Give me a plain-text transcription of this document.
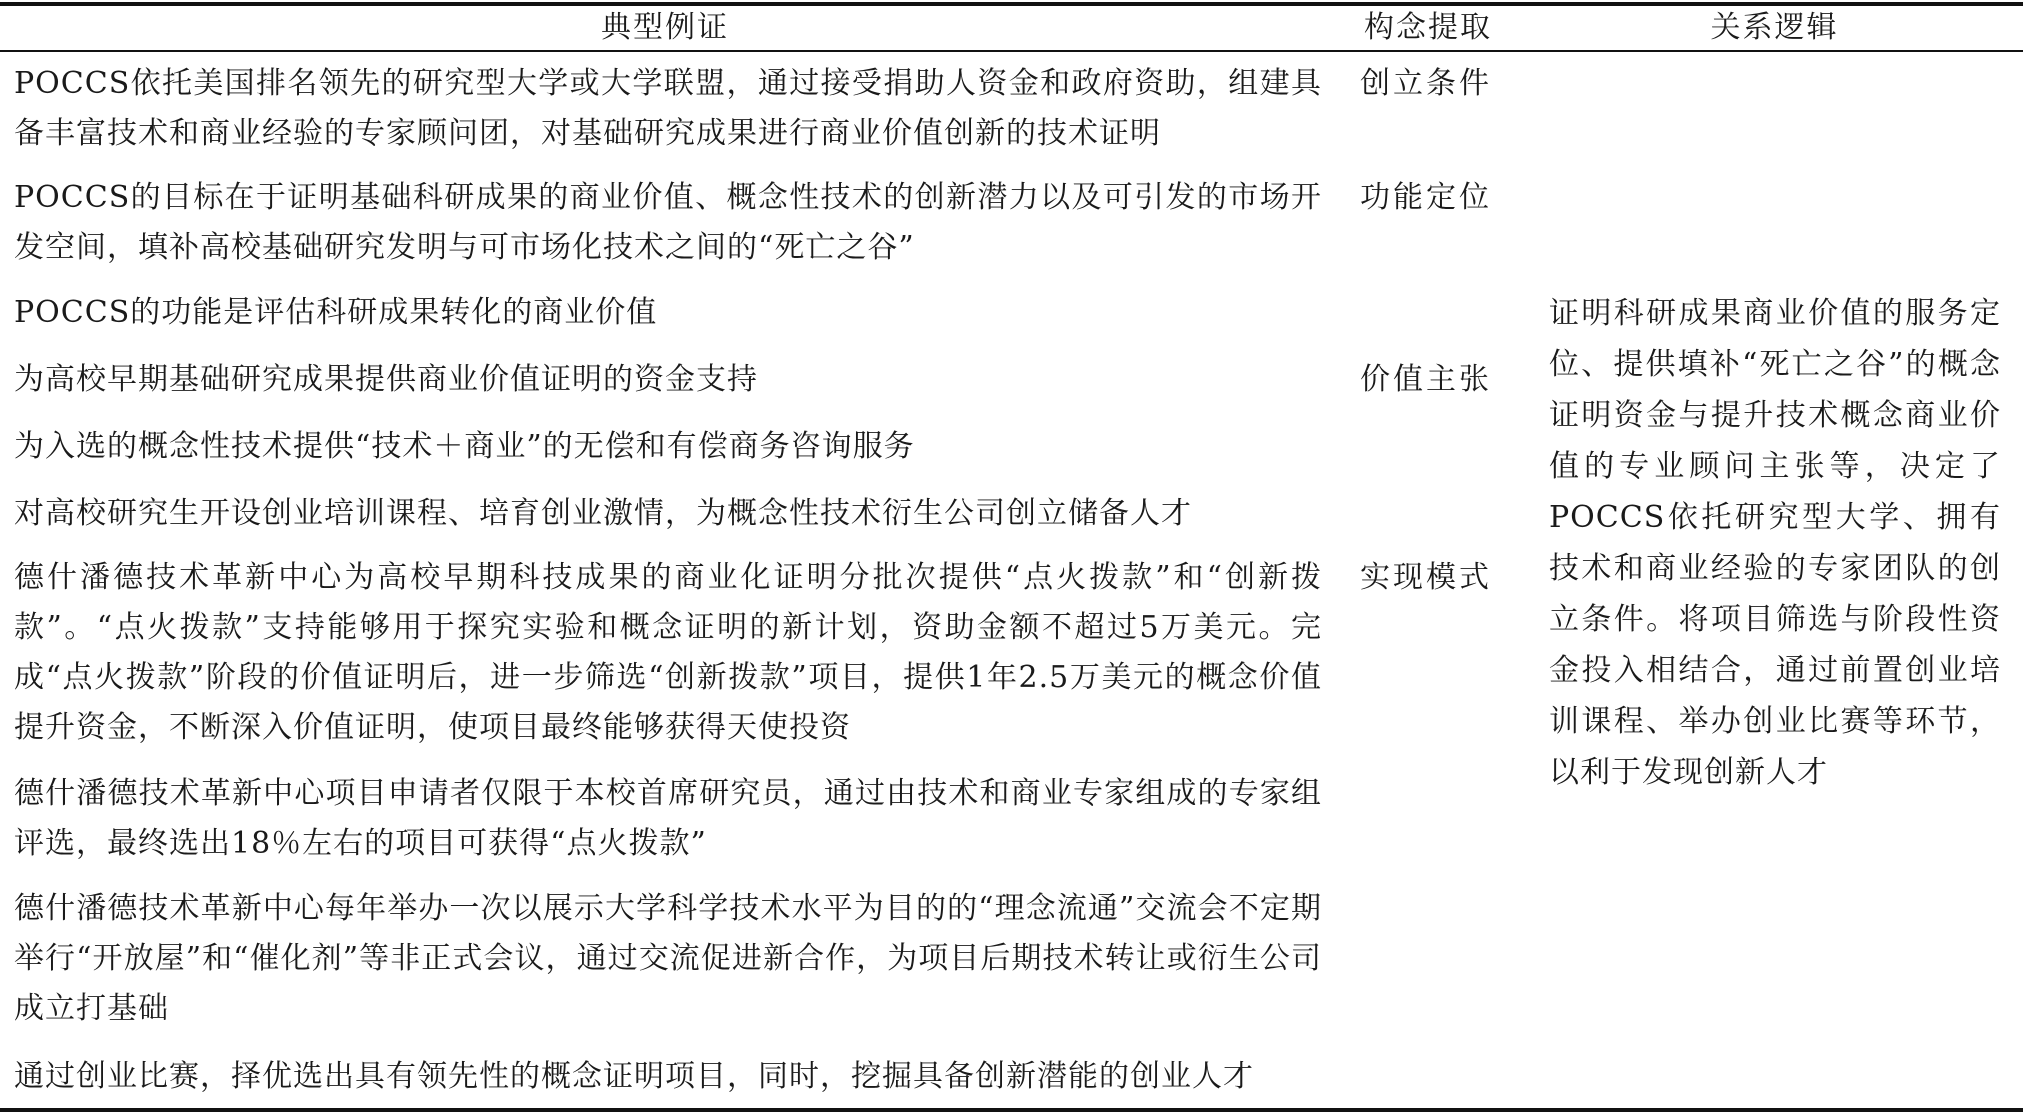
典型例证	构念提取	关系逻辑
POCCS依托美国排名领先的研究型大学或大学联盟，通过接受捐助人资金和政府资助，组建具备丰富技术和商业经验的专家顾问团，对基础研究成果进行商业价值创新的技术证明
POCCS的目标在于证明基础科研成果的商业价值、概念性技术的创新潜力以及可引发的市场开发空间，填补高校基础研究发明与可市场化技术之间的“死亡之谷”
POCCS的功能是评估科研成果转化的商业价值
为高校早期基础研究成果提供商业价值证明的资金支持
为入选的概念性技术提供“技术＋商业”的无偿和有偿商务咨询服务
对高校研究生开设创业培训课程、培育创业激情，为概念性技术衍生公司创立储备人才
德什潘德技术革新中心为高校早期科技成果的商业化证明分批次提供“点火拨款”和“创新拨款”。“点火拨款”支持能够用于探究实验和概念证明的新计划，资助金额不超过5万美元。完成“点火拨款”阶段的价值证明后，进一步筛选“创新拨款”项目，提供1年2.5万美元的概念价值提升资金，不断深入价值证明，使项目最终能够获得天使投资
德什潘德技术革新中心项目申请者仅限于本校首席研究员，通过由技术和商业专家组成的专家组评选，最终选出18％左右的项目可获得“点火拨款”
德什潘德技术革新中心每年举办一次以展示大学科学技术水平为目的的“理念流通”交流会不定期举行“开放屋”和“催化剂”等非正式会议，通过交流促进新合作，为项目后期技术转让或衍生公司成立打基础
通过创业比赛，择优选出具有领先性的概念证明项目，同时，挖掘具备创新潜能的创业人才
创立条件
功能定位
价值主张
实现模式
证明科研成果商业价值的服务定位、提供填补“死亡之谷”的概念证明资金与提升技术概念商业价值的专业顾问主张等，决定了POCCS依托研究型大学、拥有技术和商业经验的专家团队的创立条件。将项目筛选与阶段性资金投入相结合，通过前置创业培训课程、举办创业比赛等环节，以利于发现创新人才
